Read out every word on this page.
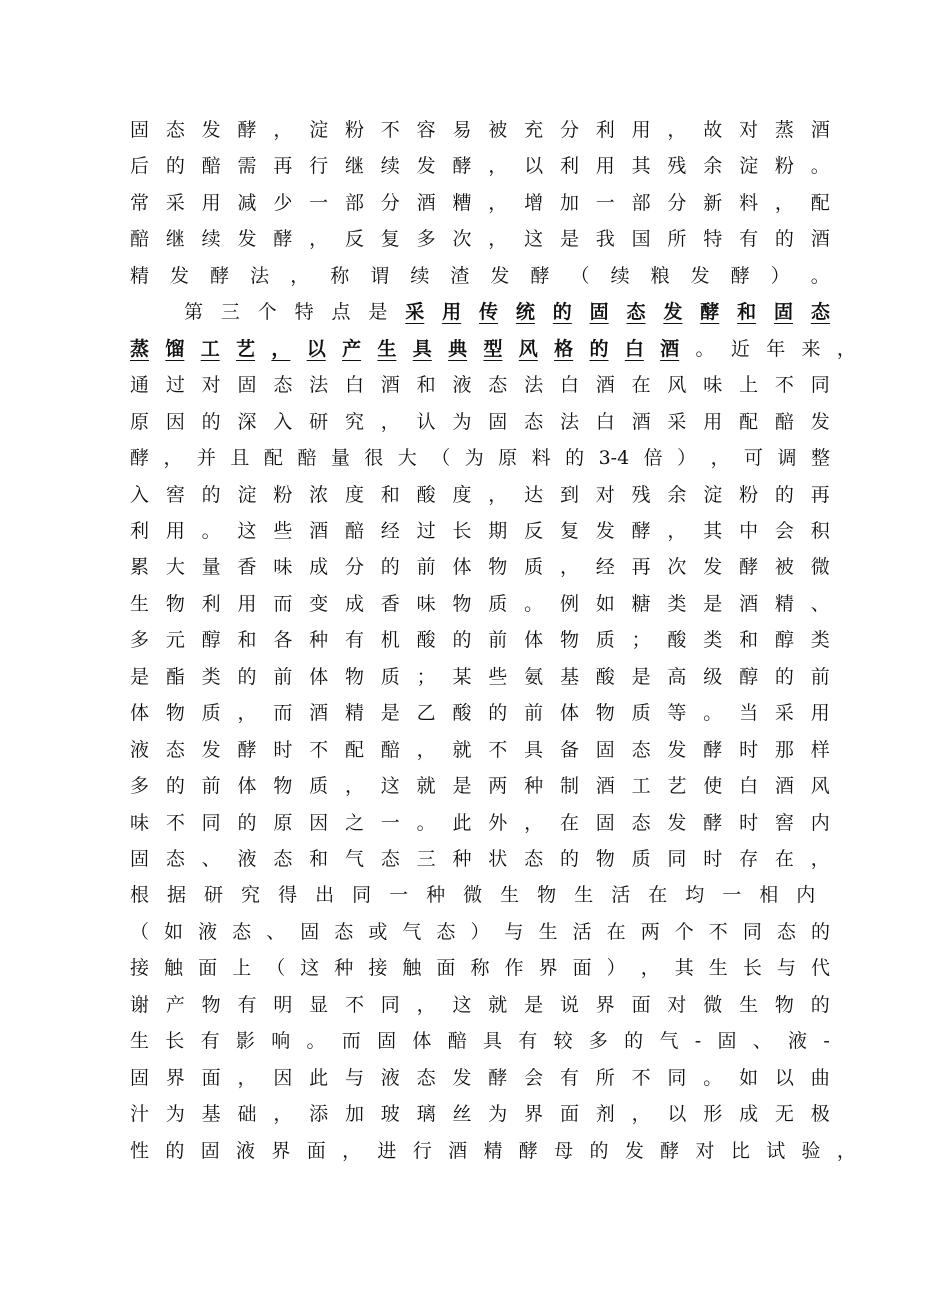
固 态 发 酵 ， 淀 粉 不 容 易 被 充 分 利 用 ， 故 对 蒸 酒
后 的 醅 需 再 行 继 续 发 酵 ， 以 利 用 其 残 余 淀 粉 。
常 采 用 减 少 一 部 分 酒 糟 ， 增 加 一 部 分 新 料 ， 配
醅 继 续 发 酵 ， 反 复 多 次 ， 这 是 我 国 所 特 有 的 酒
精 发 酵 法 ， 称 谓 续 渣 发 酵 （ 续 粮 发 酵 ） 。
第 三 个 特 点 是 采 用 传 统 的 固 态 发 酵 和 固 态
蒸 馏 工 艺 ， 以 产 生 具 典 型 风 格 的 白 酒 。 近 年 来 ，
通 过 对 固 态 法 白 酒 和 液 态 法 白 酒 在 风 味 上 不 同
原 因 的 深 入 研 究 ， 认 为 固 态 法 白 酒 采 用 配 醅 发
酵 ， 并 且 配 醅 量 很 大 （ 为 原 料 的 3-4 倍 ） ， 可 调 整
入 窖 的 淀 粉 浓 度 和 酸 度 ， 达 到 对 残 余 淀 粉 的 再
利 用 。 这 些 酒 醅 经 过 长 期 反 复 发 酵 ， 其 中 会 积
累 大 量 香 味 成 分 的 前 体 物 质 ， 经 再 次 发 酵 被 微
生 物 利 用 而 变 成 香 味 物 质 。 例 如 糖 类 是 酒 精 、
多 元 醇 和 各 种 有 机 酸 的 前 体 物 质 ； 酸 类 和 醇 类
是 酯 类 的 前 体 物 质 ； 某 些 氨 基 酸 是 高 级 醇 的 前
体 物 质 ， 而 酒 精 是 乙 酸 的 前 体 物 质 等 。 当 采 用
液 态 发 酵 时 不 配 醅 ， 就 不 具 备 固 态 发 酵 时 那 样
多 的 前 体 物 质 ， 这 就 是 两 种 制 酒 工 艺 使 白 酒 风
味 不 同 的 原 因 之 一 。 此 外 ， 在 固 态 发 酵 时 窖 内
固 态 、 液 态 和 气 态 三 种 状 态 的 物 质 同 时 存 在 ，
根 据 研 究 得 出 同 一 种 微 生 物 生 活 在 均 一 相 内
（ 如 液 态 、 固 态 或 气 态 ） 与 生 活 在 两 个 不 同 态 的
接 触 面 上 （ 这 种 接 触 面 称 作 界 面 ） ， 其 生 长 与 代
谢 产 物 有 明 显 不 同 ， 这 就 是 说 界 面 对 微 生 物 的
生 长 有 影 响 。 而 固 体 醅 具 有 较 多 的 气 - 固 、 液 -
固 界 面 ， 因 此 与 液 态 发 酵 会 有 所 不 同 。 如 以 曲
汁 为 基 础 ， 添 加 玻 璃 丝 为 界 面 剂 ， 以 形 成 无 极
性 的 固 液 界 面 ， 进 行 酒 精 酵 母 的 发 酵 对 比 试 验 ，
